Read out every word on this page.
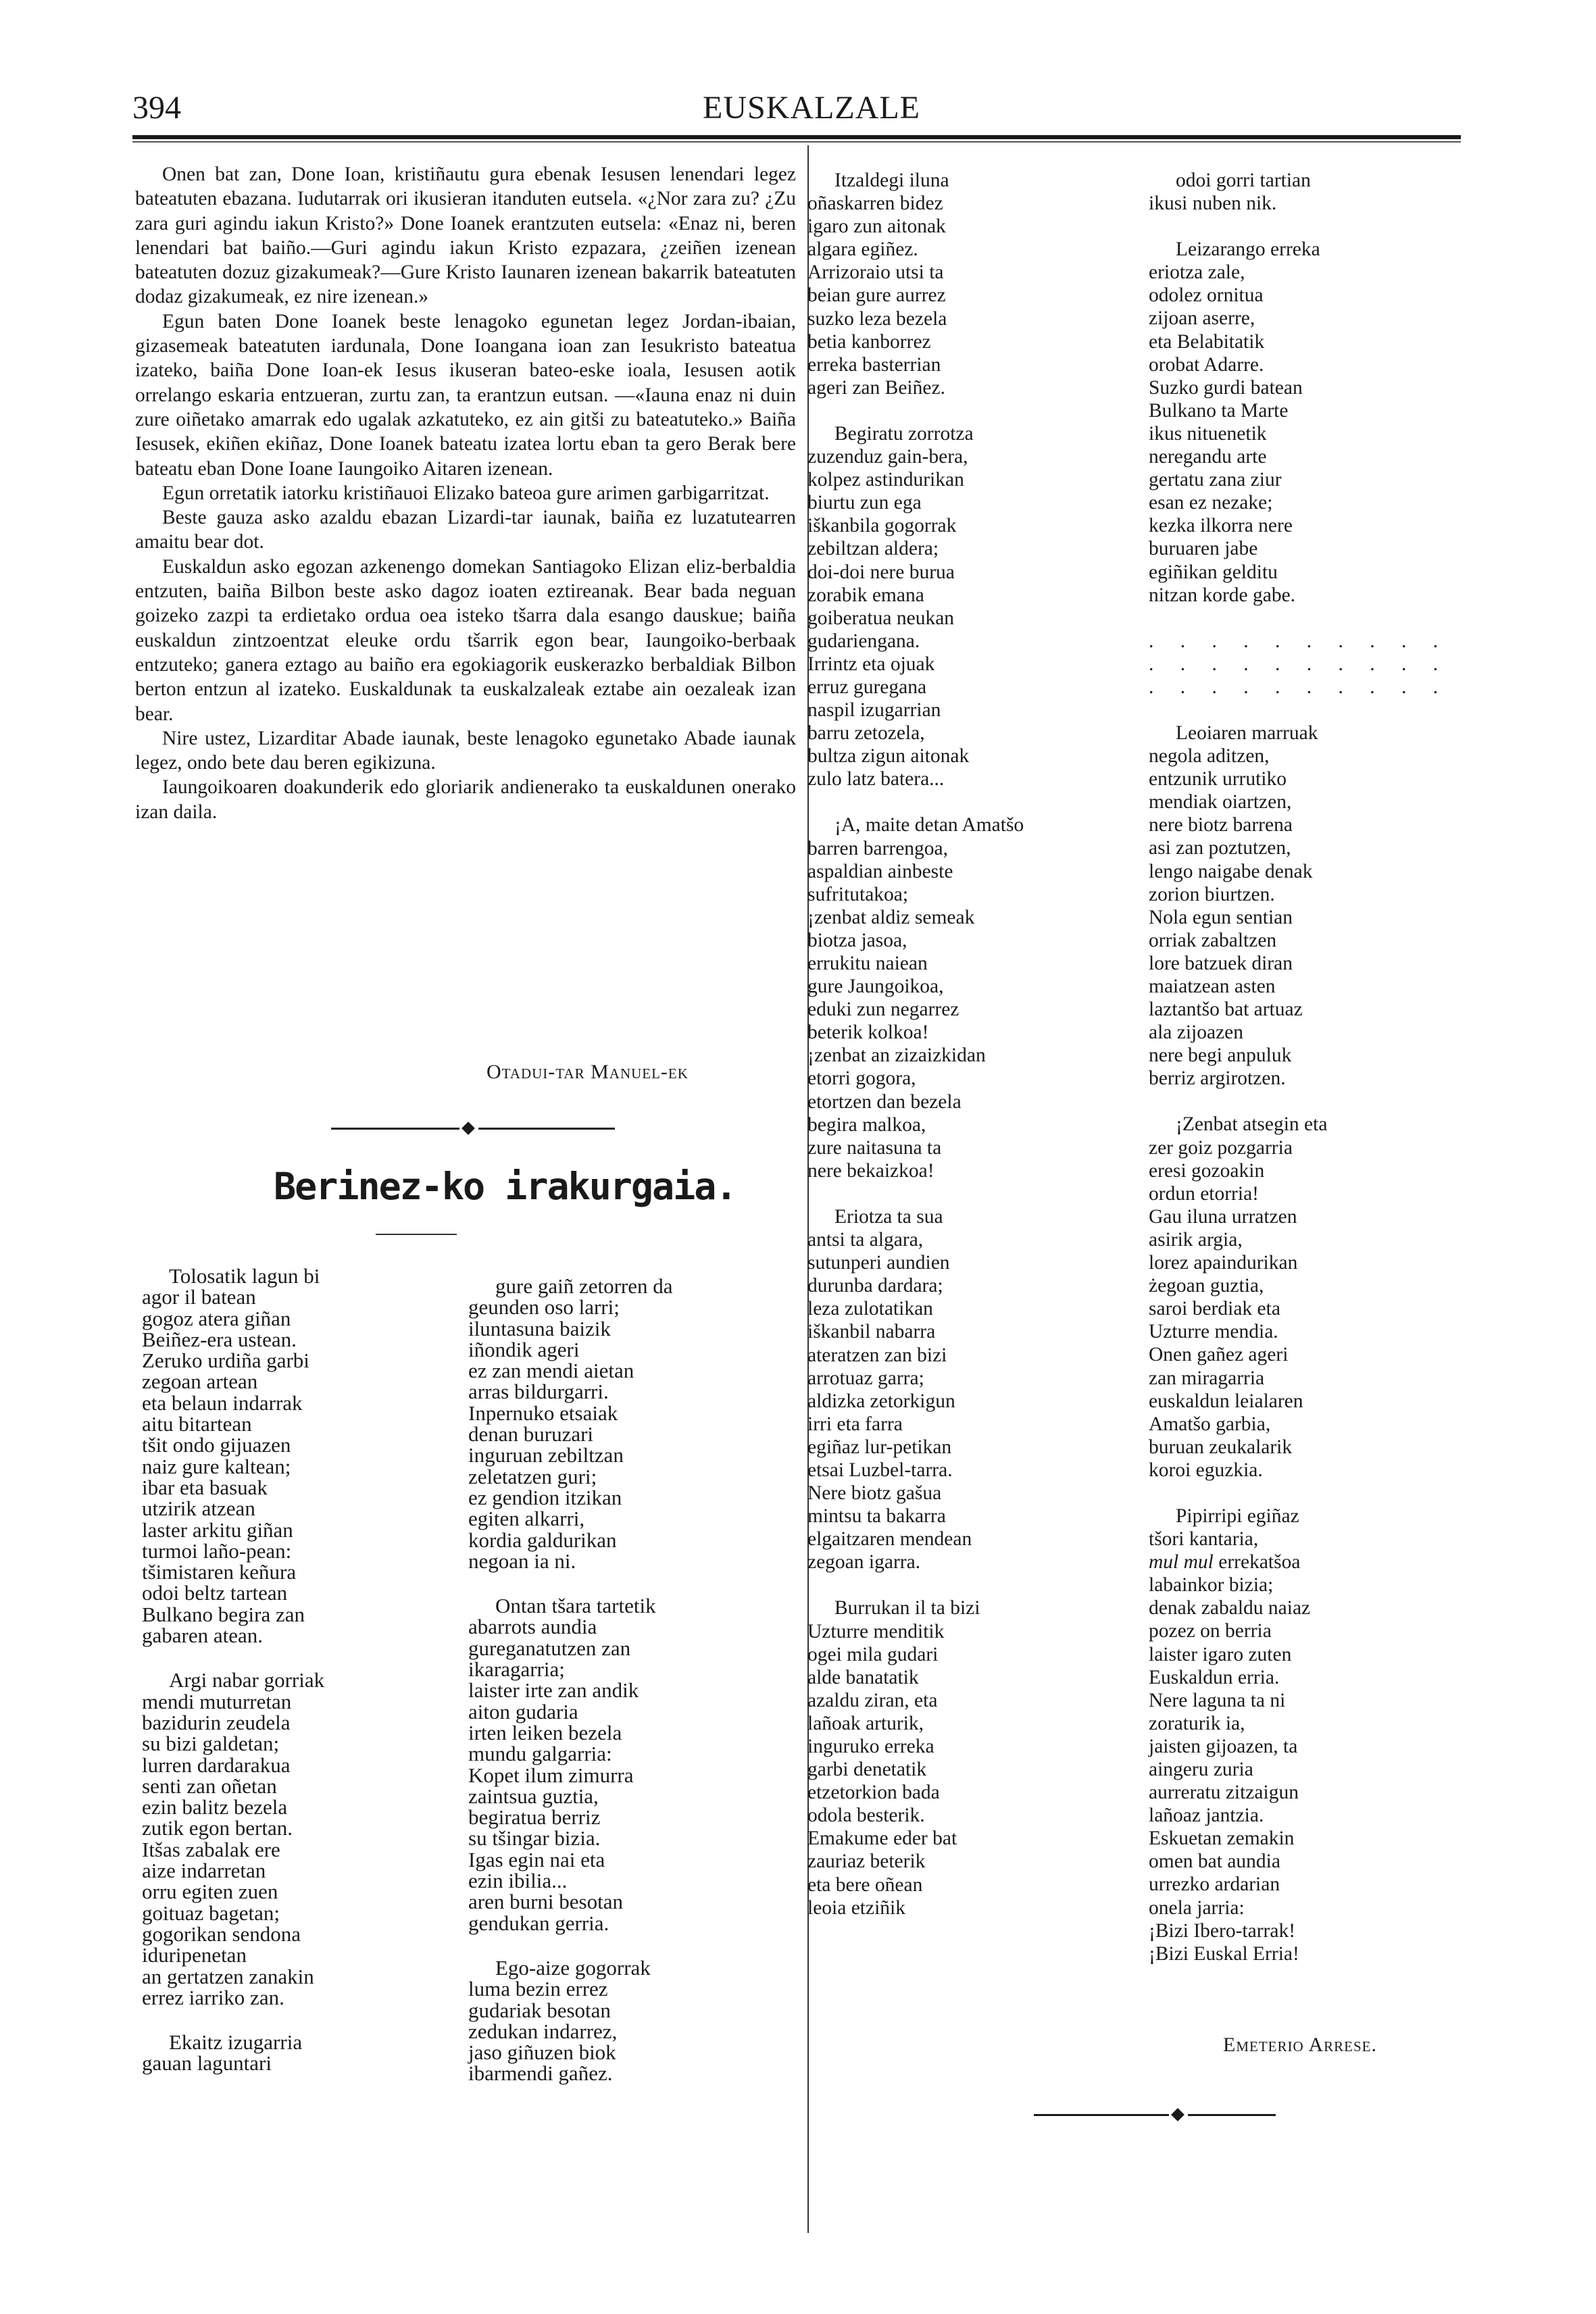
394	EUSKALZALE

Onen bat zan, Done Ioan, kristiñautu gura ebenak Iesusen lenendari legez bateatuten ebazana. Iudutarrak ori ikusieran itanduten eutsela. «¿Nor zara zu? ¿Zu zara guri agindu iakun Kristo?» Done Ioanek erantzuten eutsela: «Enaz ni, beren lenendari bat baiño.—Guri agindu iakun Kristo ezpazara, ¿zeiñen izenean bateatuten dozuz gizakumeak?—Gure Kristo Iaunaren izenean bakarrik bateatuten dodaz gizakumeak, ez nire izenean.»

Egun baten Done Ioanek beste lenagoko egunetan legez Jordan-ibaian, gizasemeak bateatuten iardunala, Done Ioangana ioan zan Iesukristo bateatua izateko, baiña Done Ioan-ek Iesus ikuseran bateo-eske ioala, Iesusen aotik orrelango eskaria entzueran, zurtu zan, ta erantzun eutsan. —«Iauna enaz ni duin zure oiñetako amarrak edo ugalak azkatuteko, ez ain gitši zu bateatuteko.» Baiña Iesusek, ekiñen ekiñaz, Done Ioanek bateatu izatea lortu eban ta gero Berak bere bateatu eban Done Ioane Iaungoiko Aitaren izenean.

Egun orretatik iatorku kristiñauoi Elizako bateoa gure arimen garbigarritzat.

Beste gauza asko azaldu ebazan Lizardi-tar iaunak, baiña ez luzatutearren amaitu bear dot.

Euskaldun asko egozan azkenengo domekan Santiagoko Elizan eliz-berbaldia entzuten, baiña Bilbon beste asko dagoz ioaten eztireanak. Bear bada neguan goizeko zazpi ta erdietako ordua oea isteko tšarra dala esango dauskue; baiña euskaldun zintzoentzat eleuke ordu tšarrik egon bear, Iaungoiko-berbaak entzuteko; ganera eztago au baiño era egokiagorik euskerazko berbaldiak Bilbon berton entzun al izateko. Euskaldunak ta euskalzaleak eztabe ain oezaleak izan bear.

Nire ustez, Lizarditar Abade iaunak, beste lenagoko egunetako Abade iaunak legez, ondo bete dau beren egikizuna.

Iaungoikoaren doakunderik edo gloriarik andienerako ta euskaldunen onerako izan daila.

Otadui-tar Manuel-ek
Berinez-ko irakurgaia.
Tolosatik lagun bi
agor il batean
gogoz atera giñan
Beiñez-era ustean.
Zeruko urdiña garbi
zegoan artean
eta belaun indarrak
aitu bitartean
tšit ondo gijuazen
naiz gure kaltean;
ibar eta basuak
utzirik atzean
laster arkitu giñan
turmoi laño-pean:
tšimistaren keñura
odoi beltz tartean
Bulkano begira zan
gabaren atean.
Argi nabar gorriak
mendi muturretan
bazidurin zeudela
su bizi galdetan;
lurren dardarakua
senti zan oñetan
ezin balitz bezela
zutik egon bertan.
Itšas zabalak ere
aize indarretan
orru egiten zuen
goituaz bagetan;
gogorikan sendona
iduripenetan
an gertatzen zanakin
errez iarriko zan.
Ekaitz izugarria
gauan laguntari
gure gaiñ zetorren da
geunden oso larri;
iluntasuna baizik
iñondik ageri
ez zan mendi aietan
arras bildurgarri.
Inpernuko etsaiak
denan buruzari
inguruan zebiltzan
zeletatzen guri;
ez gendion itzikan
egiten alkarri,
kordia galdurikan
negoan ia ni.
Ontan tšara tartetik
abarrots aundia
gureganatutzen zan
ikaragarria;
laister irte zan andik
aiton gudaria
irten leiken bezela
mundu galgarria:
Kopet ilum zimurra
zaintsua guztia,
begiratua berriz
su tšingar bizia.
Igas egin nai eta
ezin ibilia...
aren burni besotan
gendukan gerria.
Ego-aize gogorrak
luma bezin errez
gudariak besotan
zedukan indarrez,
jaso giñuzen biok
ibarmendi gañez.
Itzaldegi iluna
oñaskarren bidez
igaro zun aitonak
algara egiñez.
Arrizoraio utsi ta
beian gure aurrez
suzko leza bezela
betia kanborrez
erreka basterrian
ageri zan Beiñez.
Begiratu zorrotza
zuzenduz gain-bera,
kolpez astindurikan
biurtu zun ega
iškanbila gogorrak
zebiltzan aldera;
doi-doi nere burua
zorabik emana
goiberatua neukan
gudariengana.
Irrintz eta ojuak
erruz guregana
naspil izugarrian
barru zetozela,
bultza zigun aitonak
zulo latz batera...
¡A, maite detan Amatšo
barren barrengoa,
aspaldian ainbeste
sufritutakoa;
¡zenbat aldiz semeak
biotza jasoa,
errukitu naiean
gure Jaungoikoa,
eduki zun negarrez
beterik kolkoa!
¡zenbat an zizaizkidan
etorri gogora,
etortzen dan bezela
begira malkoa,
zure naitasuna ta
nere bekaizkoa!
Eriotza ta sua
antsi ta algara,
sutunperi aundien
durunba dardara;
leza zulotatikan
iškanbil nabarra
ateratzen zan bizi
arrotuaz garra;
aldizka zetorkigun
irri eta farra
egiñaz lur-petikan
etsai Luzbel-tarra.
Nere biotz gašua
mintsu ta bakarra
elgaitzaren mendean
zegoan igarra.
Burrukan il ta bizi
Uzturre menditik
ogei mila gudari
alde banatatik
azaldu ziran, eta
lañoak arturik,
inguruko erreka
garbi denetatik
etzetorkion bada
odola besterik.
Emakume eder bat
zauriaz beterik
eta bere oñean
leoia etziñik
odoi gorri tartian
ikusi nuben nik.
Leizarango erreka
eriotza zale,
odolez ornitua
zijoan aserre,
eta Belabitatik
orobat Adarre.
Suzko gurdi batean
Bulkano ta Marte
ikus nituenetik
neregandu arte
gertatu zana ziur
esan ez nezake;
kezka ilkorra nere
buruaren jabe
egiñikan gelditu
nitzan korde gabe.
. . . . . . . . . .
. . . . . . . . . .
. . . . . . . . . .
Leoiaren marruak
negola aditzen,
entzunik urrutiko
mendiak oiartzen,
nere biotz barrena
asi zan poztutzen,
lengo naigabe denak
zorion biurtzen.
Nola egun sentian
orriak zabaltzen
lore batzuek diran
maiatzean asten
laztantšo bat artuaz
ala zijoazen
nere begi anpuluk
berriz argirotzen.
¡Zenbat atsegin eta
zer goiz pozgarria
eresi gozoakin
ordun etorria!
Gau iluna urratzen
asirik argia,
lorez apaindurikan
żegoan guztia,
saroi berdiak eta
Uzturre mendia.
Onen gañez ageri
zan miragarria
euskaldun leialaren
Amatšo garbia,
buruan zeukalarik
koroi eguzkia.
Pipirripi egiñaz
tšori kantaria,
mul mul errekatšoa
labainkor bizia;
denak zabaldu naiaz
pozez on berria
laister igaro zuten
Euskaldun erria.
Nere laguna ta ni
zoraturik ia,
jaisten gijoazen, ta
aingeru zuria
aurreratu zitzaigun
lañoaz jantzia.
Eskuetan zemakin
omen bat aundia
urrezko ardarian
onela jarria:
¡Bizi Ibero-tarrak!
¡Bizi Euskal Erria!
Emeterio Arrese.
